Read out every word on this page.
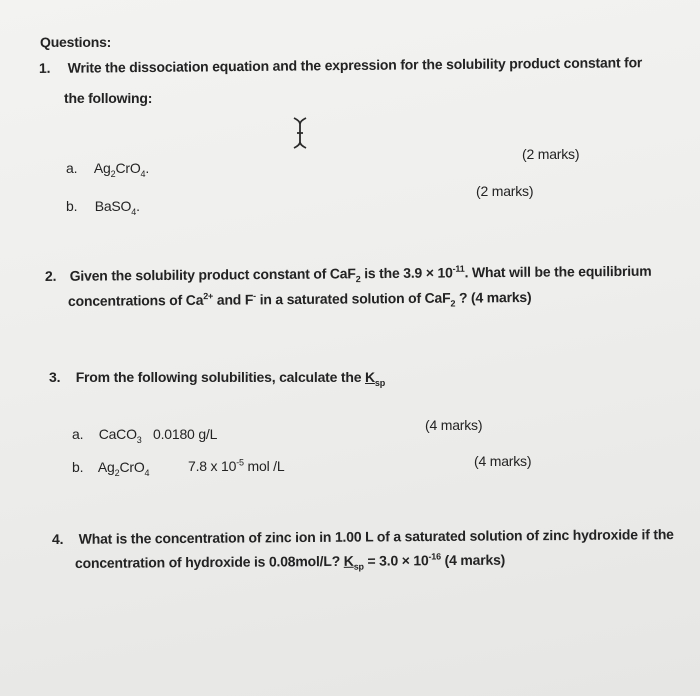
Questions:
1. Write the dissociation equation and the expression for the solubility product constant for
the following:
a. $Ag_2CrO_4$.
(2 marks)
b. BaSO$_4$.
(2 marks)
2. Given the solubility product constant of CaF$_2$ is the $3.9 \times 10^{-11}$. What will be the equilibrium
concentrations of $Ca^{2+}$ and F- in a saturated solution of CaF$_2$ ? (4 marks)
3. From the following solubilities, calculate the $K_{sp}$
a. CaCO$_3$ 0.0180 g/L
(4 marks)
b. $Ag_2CrO_4$	7.8 x $10^{-5}$ mol /L	(4 marks)
4. What is the concentration of zinc ion in 1.00 L of a saturated solution of zinc hydroxide if the
concentration of hydroxide is 0.08mol/L? $K_{sp} = 3.0 \times 10^{-16}$ (4 marks)
